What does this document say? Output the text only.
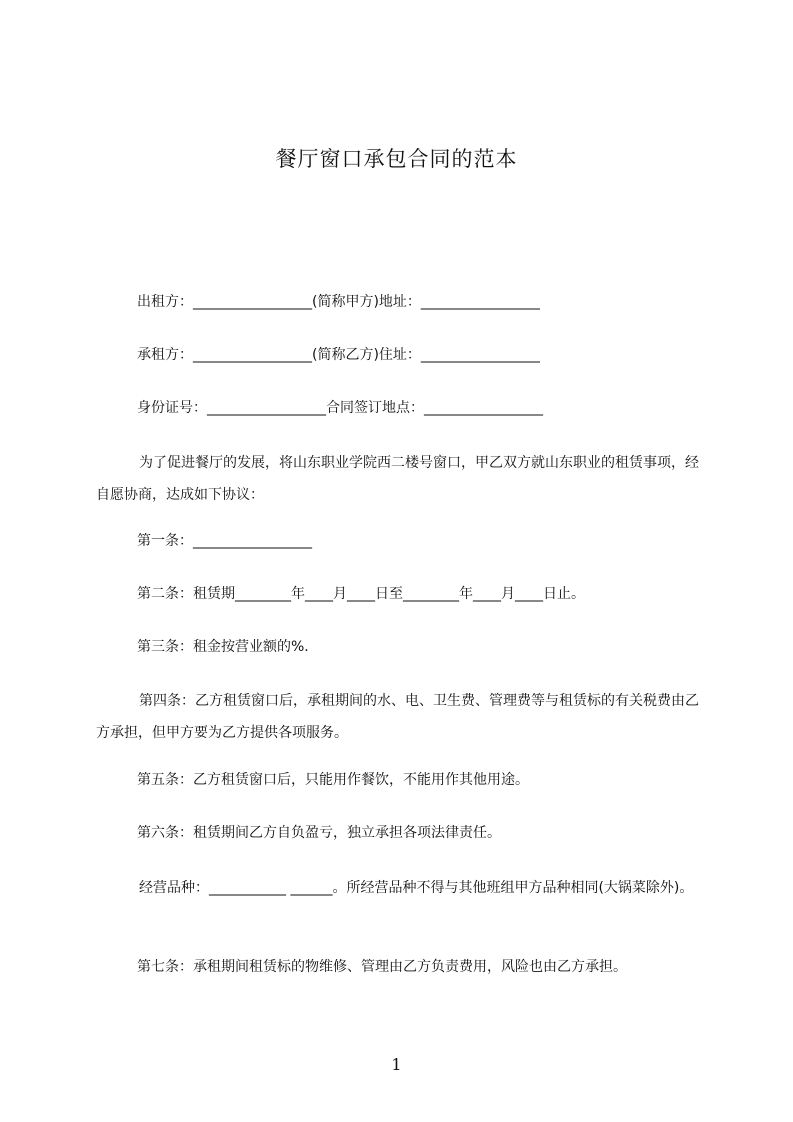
餐厅窗口承包合同的范本
出租方：_________________(简称甲方)地址：_________________
承租方：_________________(简称乙方)住址：_________________
身份证号：_________________合同签订地点：_________________
为了促进餐厅的发展，将山东职业学院西二楼号窗口，甲乙双方就山东职业的租赁事项，经自愿协商，达成如下协议：
第一条：_________________
第二条：租赁期________年____月____日至________年____月____日止。
第三条：租金按营业额的%.
第四条：乙方租赁窗口后，承租期间的水、电、卫生费、管理费等与租赁标的有关税费由乙方承担，但甲方要为乙方提供各项服务。
第五条：乙方租赁窗口后，只能用作餐饮，不能用作其他用途。
第六条：租赁期间乙方自负盈亏，独立承担各项法律责任。
经营品种：___________ ______。所经营品种不得与其他班组甲方品种相同(大锅菜除外)。
第七条：承租期间租赁标的物维修、管理由乙方负责费用，风险也由乙方承担。
1
